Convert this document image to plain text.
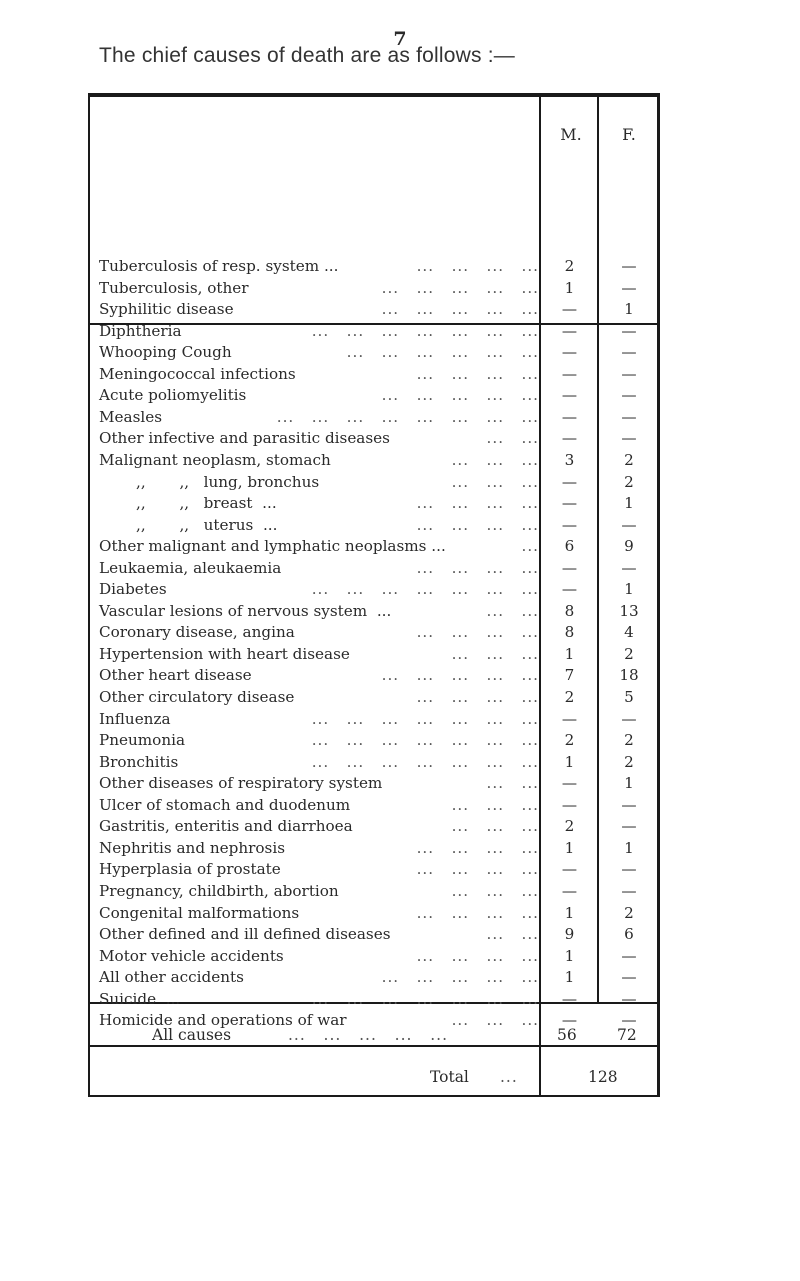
7
The chief causes of death are as follows :—
M.	F.
Tuberculosis of resp. system ...	...   ...   ...   ...	2	—
Tuberculosis, other	...   ...   ...   ...   ...	1	—
Syphilitic disease	...   ...   ...   ...   ...	—	1
Diphtheria	...   ...   ...   ...   ...   ...   ...	—	—
Whooping Cough	...   ...   ...   ...   ...   ...	—	—
Meningococcal infections	...   ...   ...   ...	—	—
Acute poliomyelitis	...   ...   ...   ...   ...	—	—
Measles	...   ...   ...   ...   ...   ...   ...   ...	—	—
Other infective and parasitic diseases	...   ...	—	—
Malignant neoplasm, stomach	...   ...   ...	3	2
,,       ,,   lung, bronchus	...   ...   ...	—	2
,,       ,,   breast  ...	...   ...   ...   ...	—	1
,,       ,,   uterus  ...	...   ...   ...   ...	—	—
Other malignant and lymphatic neoplasms ...	...	6	9
Leukaemia, aleukaemia	...   ...   ...   ...	—	—
Diabetes	...   ...   ...   ...   ...   ...   ...	—	1
Vascular lesions of nervous system  ...	...   ...	8	13
Coronary disease, angina	...   ...   ...   ...	8	4
Hypertension with heart disease	...   ...   ...	1	2
Other heart disease	...   ...   ...   ...   ...	7	18
Other circulatory disease	...   ...   ...   ...	2	5
Influenza	...   ...   ...   ...   ...   ...   ...	—	—
Pneumonia	...   ...   ...   ...   ...   ...   ...	2	2
Bronchitis	...   ...   ...   ...   ...   ...   ...	1	2
Other diseases of respiratory system	...   ...	—	1
Ulcer of stomach and duodenum	...   ...   ...	—	—
Gastritis, enteritis and diarrhoea	...   ...   ...	2	—
Nephritis and nephrosis	...   ...   ...   ...	1	1
Hyperplasia of prostate	...   ...   ...   ...	—	—
Pregnancy, childbirth, abortion	...   ...   ...	—	—
Congenital malformations	...   ...   ...   ...	1	2
Other defined and ill defined diseases	...   ...	9	6
Motor vehicle accidents	...   ...   ...   ...	1	—
All other accidents	...   ...   ...   ...   ...	1	—
Suicide  ...	...   ...   ...   ...   ...   ...   ...	—	—
Homicide and operations of war	...   ...   ...	—	—
All causes	...   ...   ...   ...   ...	56	72
Total ...	128
